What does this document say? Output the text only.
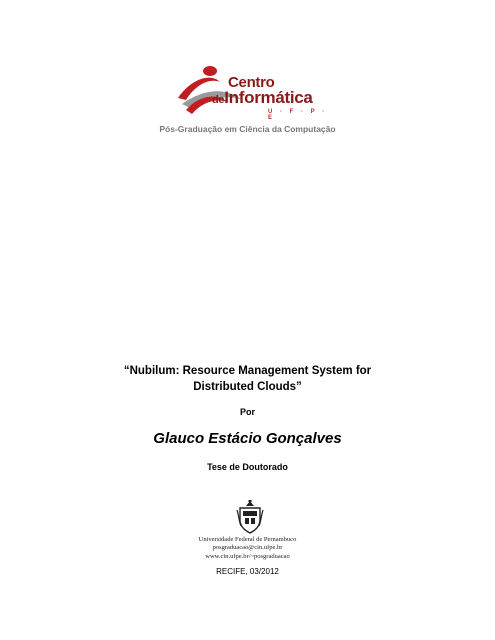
Centro
deInformática
U · F · P · E
Pós-Graduação em Ciência da Computação
“Nubilum: Resource Management System for
Distributed Clouds”
Por
Glauco Estácio Gonçalves
Tese de Doutorado
Universidade Federal de Pernambuco
posgraduacao@cin.ufpe.br
www.cin.ufpe.br/~posgraduacao
RECIFE, 03/2012
